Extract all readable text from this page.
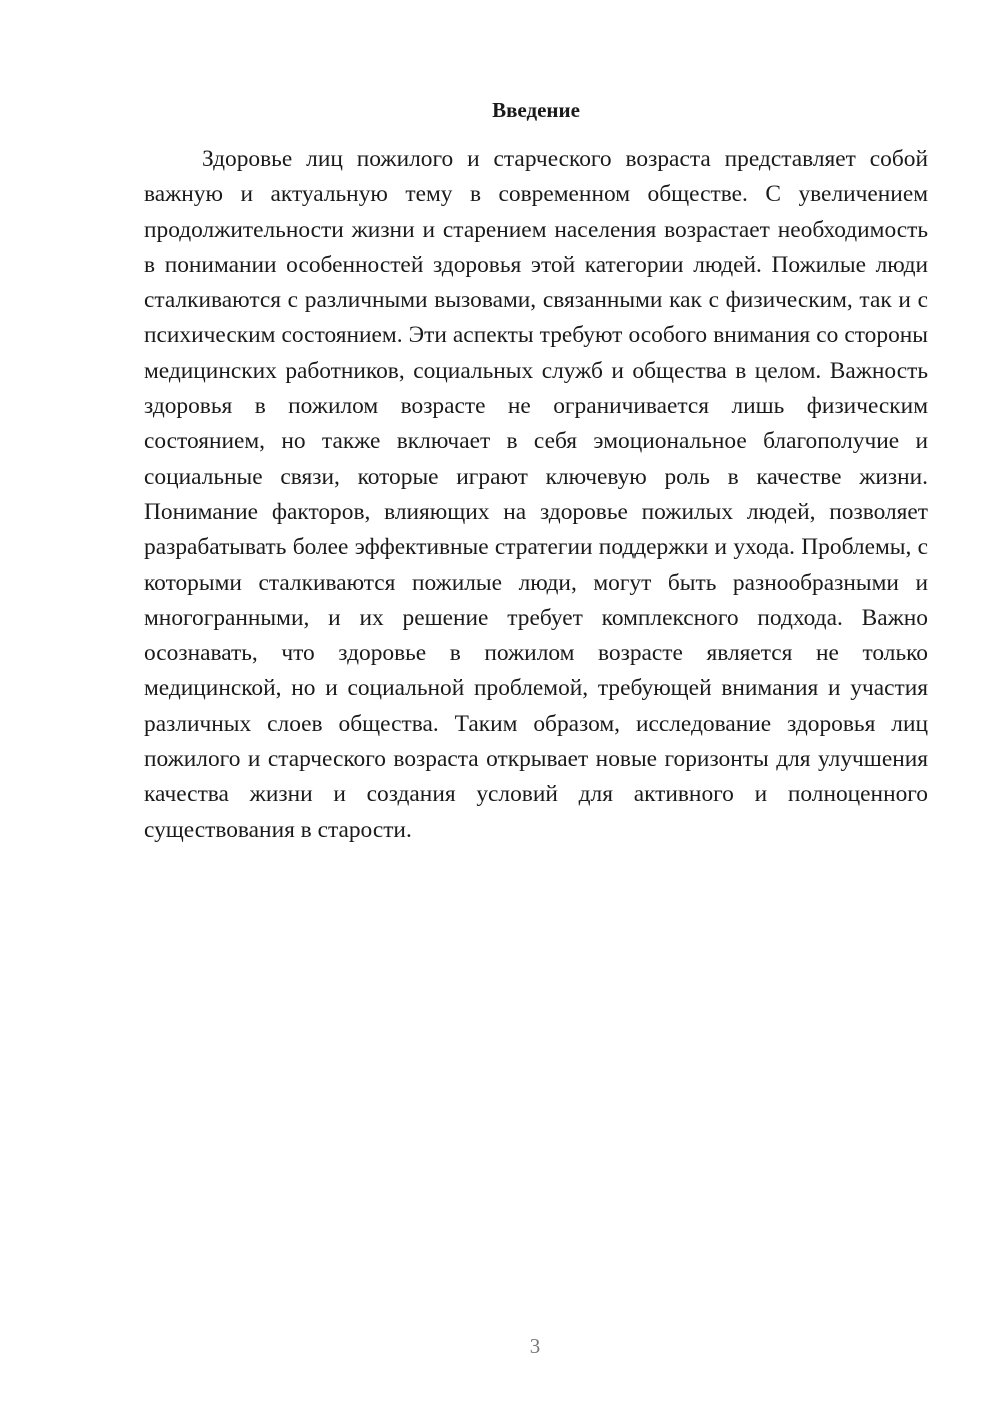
Введение

Здоровье лиц пожилого и старческого возраста представляет собой важную и актуальную тему в современном обществе. С увеличением продолжительности жизни и старением населения возрастает необходимость в понимании особенностей здоровья этой категории людей. Пожилые люди сталкиваются с различными вызовами, связанными как с физическим, так и с психическим состоянием. Эти аспекты требуют особого внимания со стороны медицинских работников, социальных служб и общества в целом. Важность здоровья в пожилом возрасте не ограничивается лишь физическим состоянием, но также включает в себя эмоциональное благополучие и социальные связи, которые играют ключевую роль в качестве жизни. Понимание факторов, влияющих на здоровье пожилых людей, позволяет разрабатывать более эффективные стратегии поддержки и ухода. Проблемы, с которыми сталкиваются пожилые люди, могут быть разнообразными и многогранными, и их решение требует комплексного подхода. Важно осознавать, что здоровье в пожилом возрасте является не только медицинской, но и социальной проблемой, требующей внимания и участия различных слоев общества. Таким образом, исследование здоровья лиц пожилого и старческого возраста открывает новые горизонты для улучшения качества жизни и создания условий для активного и полноценного существования в старости.

3
